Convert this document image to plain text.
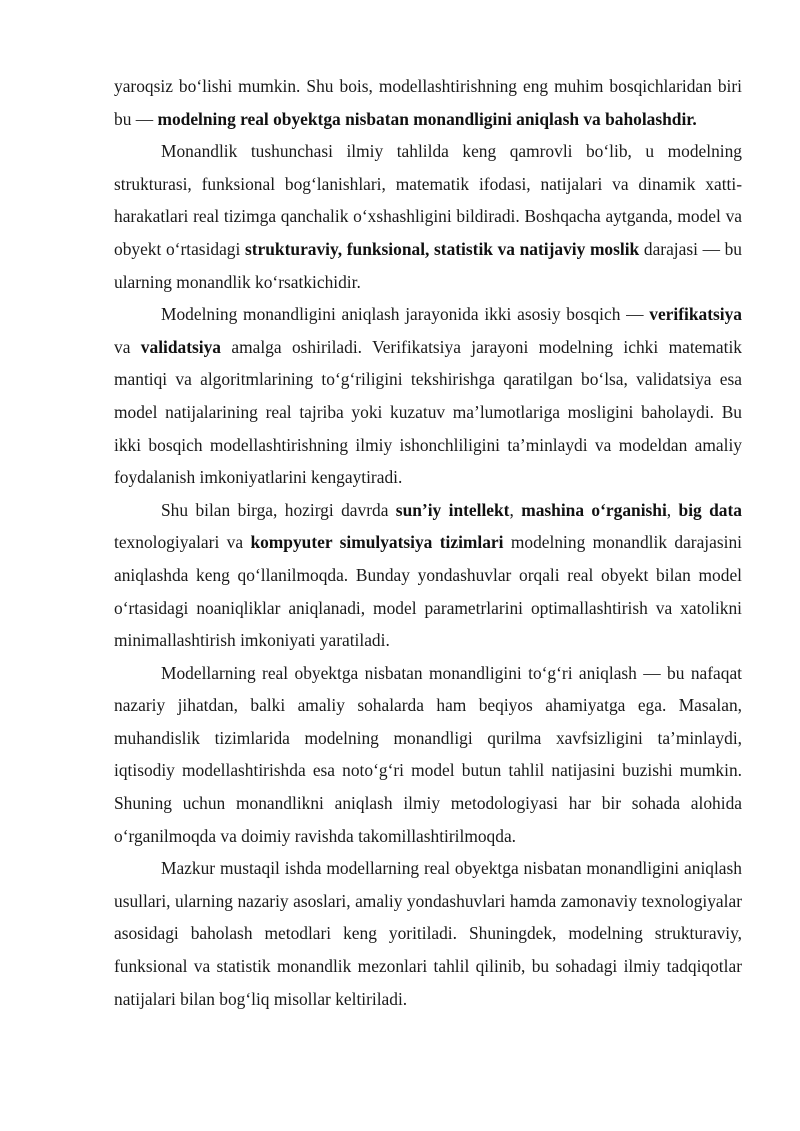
yaroqsiz bo‘lishi mumkin. Shu bois, modellashtirishning eng muhim bosqichlaridan biri bu — modelning real obyektga nisbatan monandligini aniqlash va baholashdir.

Monandlik tushunchasi ilmiy tahlilda keng qamrovli bo‘lib, u modelning strukturasi, funksional bog‘lanishlari, matematik ifodasi, natijalari va dinamik xatti-harakatlari real tizimga qanchalik o‘xshashligini bildiradi. Boshqacha aytganda, model va obyekt o‘rtasidagi strukturaviy, funksional, statistik va natijaviy moslik darajasi — bu ularning monandlik ko‘rsatkichidir.

Modelning monandligini aniqlash jarayonida ikki asosiy bosqich — verifikatsiya va validatsiya amalga oshiriladi. Verifikatsiya jarayoni modelning ichki matematik mantiqi va algoritmlarining to‘g‘riligini tekshirishga qaratilgan bo‘lsa, validatsiya esa model natijalarining real tajriba yoki kuzatuv ma’lumotlariga mosligini baholaydi. Bu ikki bosqich modellashtirishning ilmiy ishonchliligini ta’minlaydi va modeldan amaliy foydalanish imkoniyatlarini kengaytiradi.

Shu bilan birga, hozirgi davrda sun’iy intellekt, mashina o‘rganishi, big data texnologiyalari va kompyuter simulyatsiya tizimlari modelning monandlik darajasini aniqlashda keng qo‘llanilmoqda. Bunday yondashuvlar orqali real obyekt bilan model o‘rtasidagi noaniqliklar aniqlanadi, model parametrlarini optimallashtirish va xatolikni minimallashtirish imkoniyati yaratiladi.

Modellarning real obyektga nisbatan monandligini to‘g‘ri aniqlash — bu nafaqat nazariy jihatdan, balki amaliy sohalarda ham beqiyos ahamiyatga ega. Masalan, muhandislik tizimlarida modelning monandligi qurilma xavfsizligini ta’minlaydi, iqtisodiy modellashtirishda esa noto‘g‘ri model butun tahlil natijasini buzishi mumkin. Shuning uchun monandlikni aniqlash ilmiy metodologiyasi har bir sohada alohida o‘rganilmoqda va doimiy ravishda takomillashtirilmoqda.

Mazkur mustaqil ishda modellarning real obyektga nisbatan monandligini aniqlash usullari, ularning nazariy asoslari, amaliy yondashuvlari hamda zamonaviy texnologiyalar asosidagi baholash metodlari keng yoritiladi. Shuningdek, modelning strukturaviy, funksional va statistik monandlik mezonlari tahlil qilinib, bu sohadagi ilmiy tadqiqotlar natijalari bilan bog‘liq misollar keltiriladi.
